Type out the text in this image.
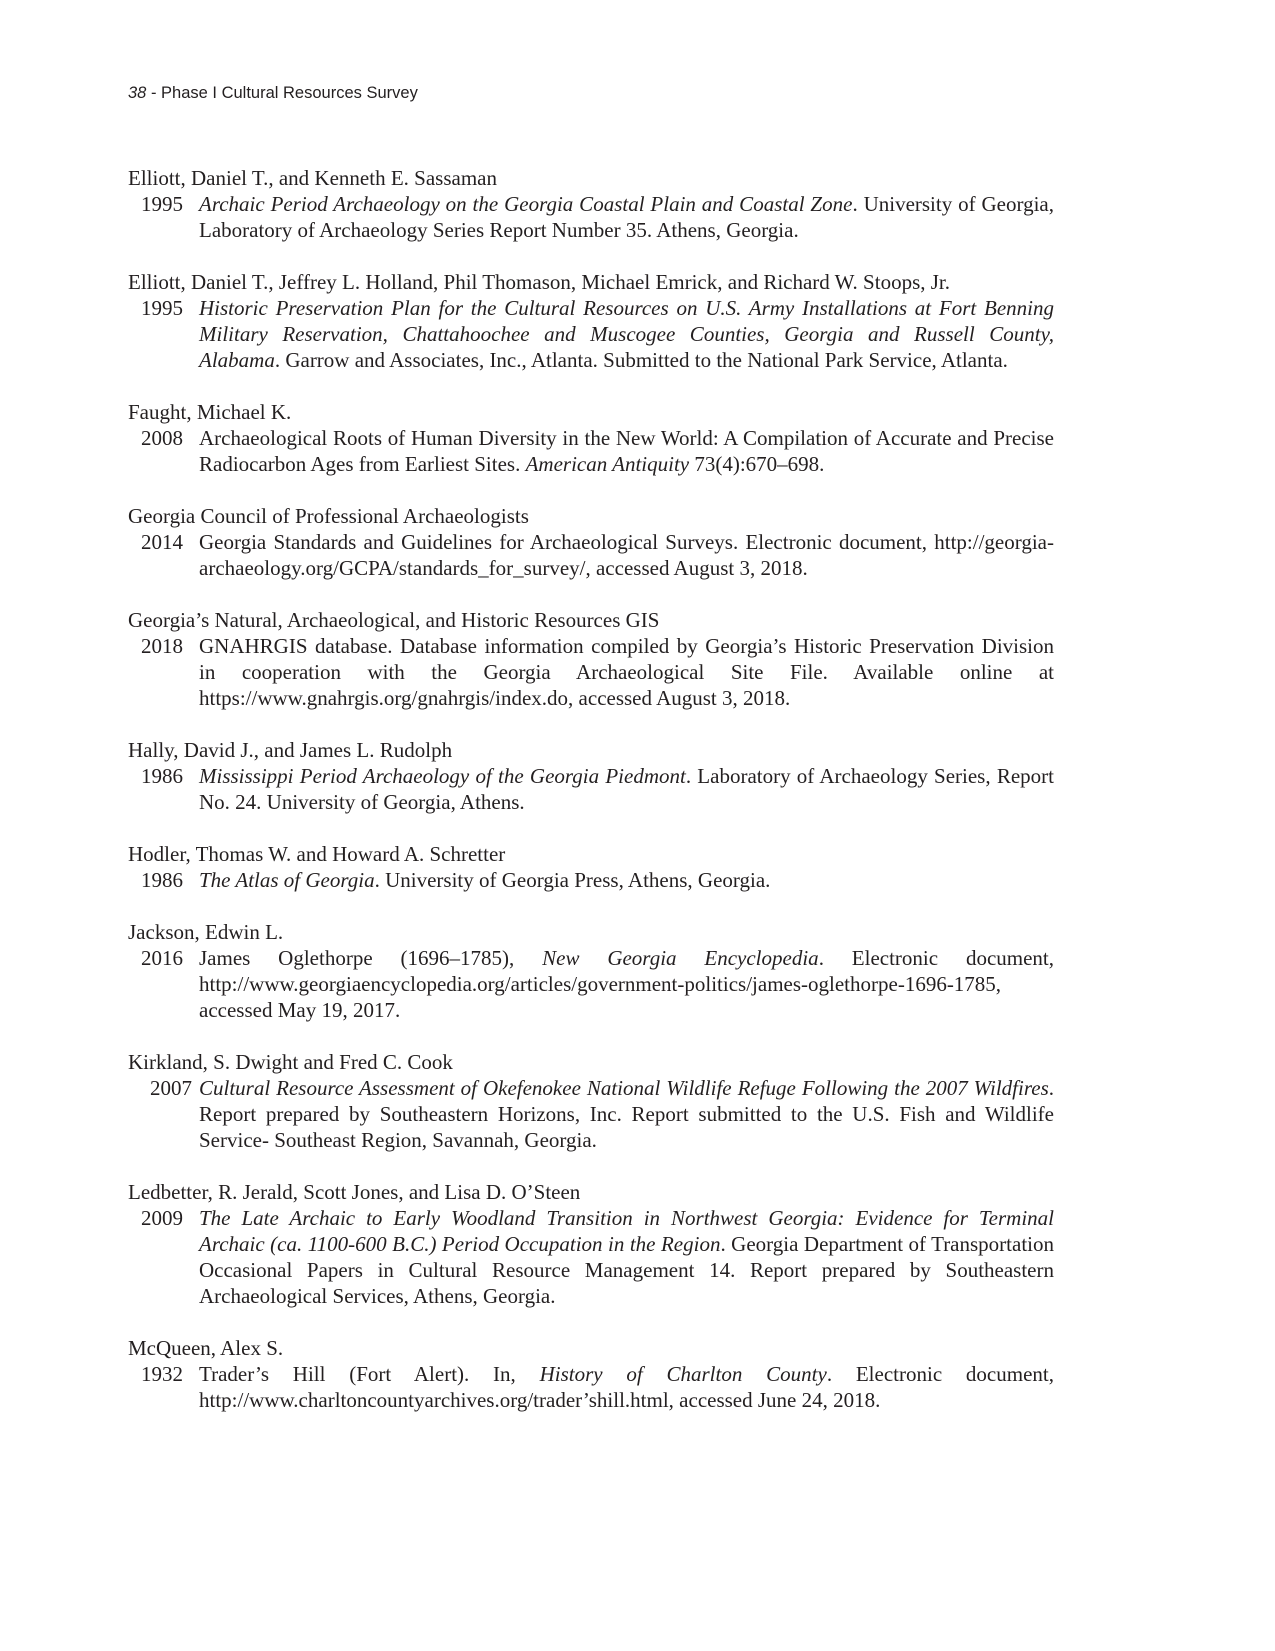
38 - Phase I Cultural Resources Survey
Elliott, Daniel T., and Kenneth E. Sassaman
1995 Archaic Period Archaeology on the Georgia Coastal Plain and Coastal Zone. University of Georgia, Laboratory of Archaeology Series Report Number 35. Athens, Georgia.
Elliott, Daniel T., Jeffrey L. Holland, Phil Thomason, Michael Emrick, and Richard W. Stoops, Jr.
1995 Historic Preservation Plan for the Cultural Resources on U.S. Army Installations at Fort Benning Military Reservation, Chattahoochee and Muscogee Counties, Georgia and Russell County, Alabama. Garrow and Associates, Inc., Atlanta. Submitted to the National Park Service, Atlanta.
Faught, Michael K.
2008 Archaeological Roots of Human Diversity in the New World: A Compilation of Accurate and Precise Radiocarbon Ages from Earliest Sites. American Antiquity 73(4):670–698.
Georgia Council of Professional Archaeologists
2014 Georgia Standards and Guidelines for Archaeological Surveys. Electronic document, http://georgia-archaeology.org/GCPA/standards_for_survey/, accessed August 3, 2018.
Georgia’s Natural, Archaeological, and Historic Resources GIS
2018 GNAHRGIS database. Database information compiled by Georgia’s Historic Preservation Division in cooperation with the Georgia Archaeological Site File. Available online at https://www.gnahrgis.org/gnahrgis/index.do, accessed August 3, 2018.
Hally, David J., and James L. Rudolph
1986 Mississippi Period Archaeology of the Georgia Piedmont. Laboratory of Archaeology Series, Report No. 24. University of Georgia, Athens.
Hodler, Thomas W. and Howard A. Schretter
1986 The Atlas of Georgia. University of Georgia Press, Athens, Georgia.
Jackson, Edwin L.
2016 James Oglethorpe (1696–1785), New Georgia Encyclopedia. Electronic document, http://www.georgiaencyclopedia.org/articles/government-politics/james-oglethorpe-1696-1785, accessed May 19, 2017.
Kirkland, S. Dwight and Fred C. Cook
2007 Cultural Resource Assessment of Okefenokee National Wildlife Refuge Following the 2007 Wildfires. Report prepared by Southeastern Horizons, Inc. Report submitted to the U.S. Fish and Wildlife Service- Southeast Region, Savannah, Georgia.
Ledbetter, R. Jerald, Scott Jones, and Lisa D. O’Steen
2009 The Late Archaic to Early Woodland Transition in Northwest Georgia: Evidence for Terminal Archaic (ca. 1100-600 B.C.) Period Occupation in the Region. Georgia Department of Transportation Occasional Papers in Cultural Resource Management 14. Report prepared by Southeastern Archaeological Services, Athens, Georgia.
McQueen, Alex S.
1932 Trader’s Hill (Fort Alert). In, History of Charlton County. Electronic document, http://www.charltoncountyarchives.org/trader’shill.html, accessed June 24, 2018.
